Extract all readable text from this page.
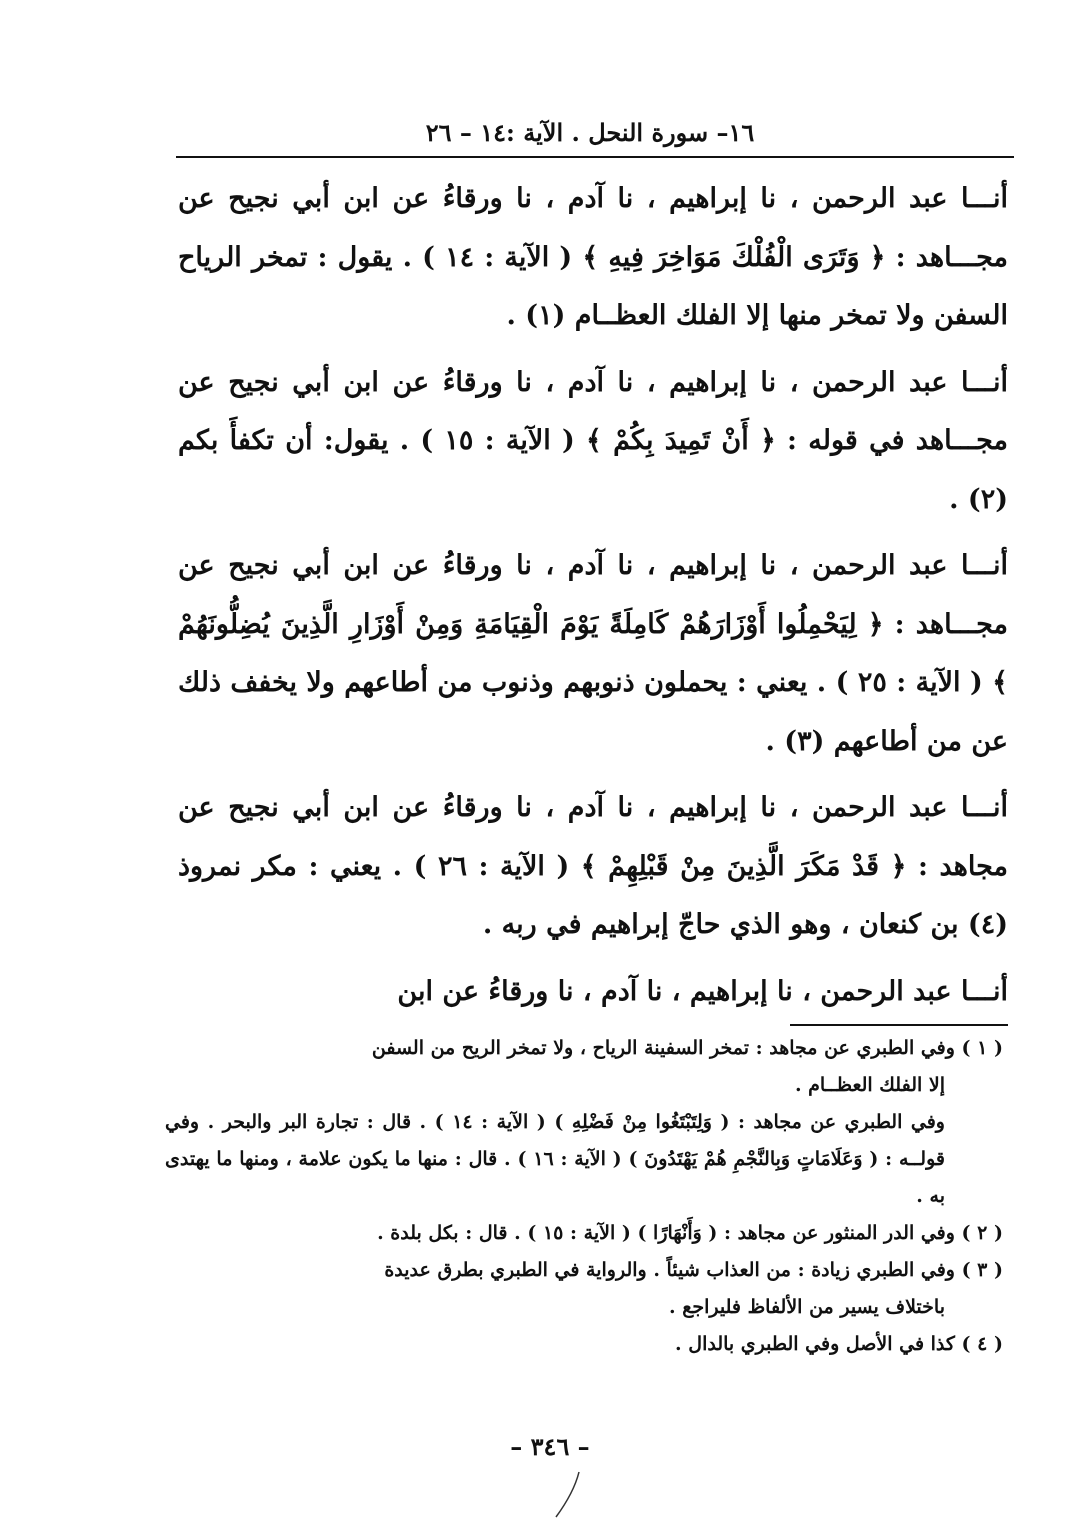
١٦– سورة النحل . الآية :١٤ – ٢٦

أنـــا عبد الرحمن ، نا إبراهيم ، نا آدم ، نا ورقاءُ عن ابن أبي نجيح عن مجـــاهد : ﴿ وَتَرَى الْفُلْكَ مَوَاخِرَ فِيهِ ﴾ ( الآية : ١٤ ) . يقول : تمخر الرياح السفن ولا تمخر منها إلا الفلك العظــام (١) .

أنـــا عبد الرحمن ، نا إبراهيم ، نا آدم ، نا ورقاءُ عن ابن أبي نجيح عن مجـــاهد في قوله : ﴿ أَنْ تَمِيدَ بِكُمْ ﴾ ( الآية : ١٥ ) . يقول: أن تكفأَ بكم (٢) .

أنـــا عبد الرحمن ، نا إبراهيم ، نا آدم ، نا ورقاءُ عن ابن أبي نجيح عن مجـــاهد : ﴿ لِيَحْمِلُوا أَوْزَارَهُمْ كَامِلَةً يَوْمَ الْقِيَامَةِ وَمِنْ أَوْزَارِ الَّذِينَ يُضِلُّونَهُمْ ﴾ ( الآية : ٢٥ ) . يعني : يحملون ذنوبهم وذنوب من أطاعهم ولا يخفف ذلك عن من أطاعهم (٣) .

أنـــا عبد الرحمن ، نا إبراهيم ، نا آدم ، نا ورقاءُ عن ابن أبي نجيح عن مجاهد : ﴿ قَدْ مَكَرَ الَّذِينَ مِنْ قَبْلِهِمْ ﴾ ( الآية : ٢٦ ) . يعني : مكر نمروذ (٤) بن كنعان ، وهو الذي حاجّ إبراهيم في ربه .

أنـــا عبد الرحمن ، نا إبراهيم ، نا آدم ، نا ورقاءُ عن ابن

( ١ ) وفي الطبري عن مجاهد : تمخر السفينة الرياح ، ولا تمخر الريح من السفن

إلا الفلك العظــام .

وفي الطبري عن مجاهد : ( وَلِتَبْتَغُوا مِنْ فَضْلِهِ ) ( الآية : ١٤ ) . قال : تجارة البر والبحر . وفي قولــه : ( وَعَلَامَاتٍ وَبِالنَّجْمِ هُمْ يَهْتَدُونَ ) ( الآية : ١٦ ) . قال : منها ما يكون علامة ، ومنها ما يهتدى به .

( ٢ ) وفي الدر المنثور عن مجاهد : ( وَأَنْهَارًا ) ( الآية : ١٥ ) . قال : بكل بلدة .

( ٣ ) وفي الطبري زيادة : من العذاب شيئاً . والرواية في الطبري بطرق عديدة

باختلاف يسير من الألفاظ فليراجع .

( ٤ ) كذا في الأصل وفي الطبري بالدال .

– ٣٤٦ –
